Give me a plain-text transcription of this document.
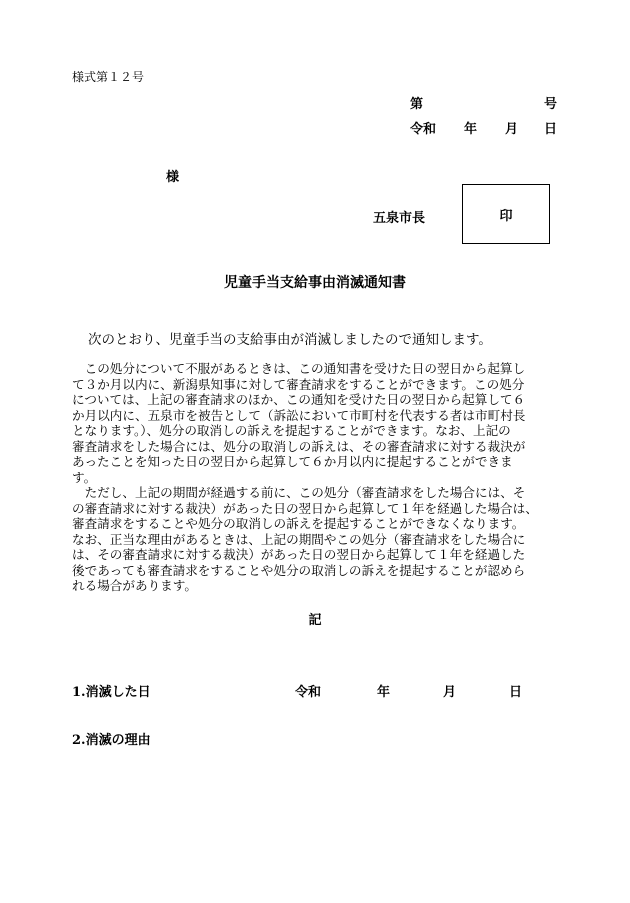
様式第１２号
第	号
令和 年 月 日
様
五泉市長	印
児童手当支給事由消滅通知書
次のとおり、児童手当の支給事由が消滅しましたので通知します。

　この処分について不服があるときは、この通知書を受けた日の翌日から起算し

て３か月以内に、新潟県知事に対して審査請求をすることができます。この処分

については、上記の審査請求のほか、この通知を受けた日の翌日から起算して６

か月以内に、五泉市を被告として（訴訟において市町村を代表する者は市町村長

となります。）、処分の取消しの訴えを提起することができます。なお、上記の

審査請求をした場合には、処分の取消しの訴えは、その審査請求に対する裁決が

あったことを知った日の翌日から起算して６か月以内に提起することができま

す。

　ただし、上記の期間が経過する前に、この処分（審査請求をした場合には、そ

の審査請求に対する裁決）があった日の翌日から起算して１年を経過した場合は、

審査請求をすることや処分の取消しの訴えを提起することができなくなります。

なお、正当な理由があるときは、上記の期間やこの処分（審査請求をした場合に

は、その審査請求に対する裁決）があった日の翌日から起算して１年を経過した

後であっても審査請求をすることや処分の取消しの訴えを提起することが認めら

れる場合があります。

記
1.消滅した日	令和	年	月	日
2.消滅の理由
